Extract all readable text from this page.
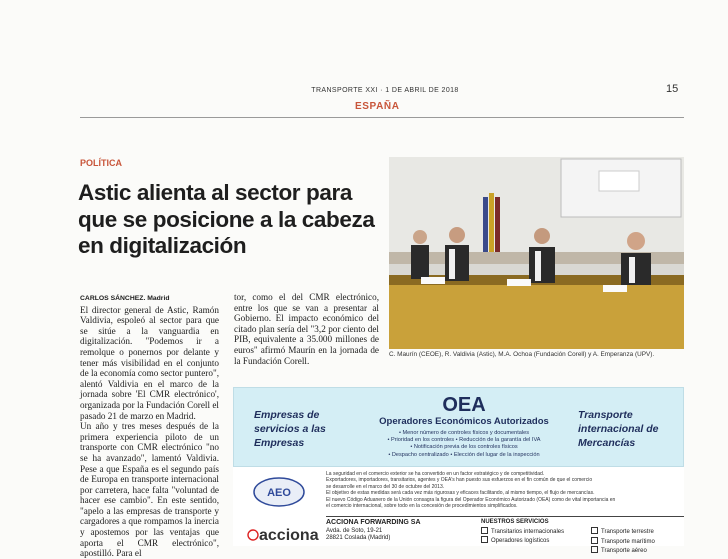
TRANSPORTE XXI · 1 DE ABRIL DE 2018	15
ESPAÑA
POLÍTICA
Astic alienta al sector para que se posicione a la cabeza en digitalización

CARLOS SÁNCHEZ. Madrid

El director general de Astic, Ramón Valdivia, espoleó al sector para que se sitúe a la vanguardia en digitalización. "Podemos ir a remolque o ponernos por delante y tener más visibilidad en el conjunto de la economía como sector puntero", alentó Valdivia en el marco de la jornada sobre 'El CMR electrónico', organizada por la Fundación Corell el pasado 21 de marzo en Madrid.

Un año y tres meses después de la primera experiencia piloto de un transporte con CMR electrónico "no se ha avanzado", lamentó Valdivia. Pese a que España es el segundo país de Europa en transporte internacional por carretera, hace falta "voluntad de hacer ese cambio". En este sentido, "apelo a las empresas de transporte y cargadores a que rompamos la inercia y apostemos por las ventajas que aporta el CMR electrónico", apostilló. Para el

tor, como el del CMR electrónico, entre los que se van a presentar al Gobierno. El impacto económico del citado plan sería del "3,2 por ciento del PIB, equivalente a 35.000 millones de euros" afirmó Maurín en la jornada de la Fundación Corell.

C. Maurín (CEOE), R. Valdivia (Astic), M.A. Ochoa (Fundación Corell) y A. Emperanza (UPV).
Empresas de servicios a las Empresas
OEA
Operadores Económicos Autorizados
• Menor número de controles físicos y documentales
• Prioridad en los controles • Reducción de la garantía del IVA
• Notificación previa de los controles físicos
• Despacho centralizado • Elección del lugar de la inspección
Transporte internacional de Mercancías
AEO
La seguridad en el comercio exterior se ha convertido en un factor estratégico y de competitividad.
Exportadores, importadores, transitarios, agentes y OEA's han puesto sus esfuerzos en el fin común de que el comercio
se desarrolle en el marco del 30 de octubre del 2013.
El objetivo de estas medidas será cada vez más rigurosas y eficaces facilitando, al mismo tiempo, el flujo de mercancías.
El nuevo Código Aduanero de la Unión consagra la figura del Operador Económico Autorizado (OEA) como de vital importancia en
el comercio internacional, sobre todo en la concesión de procedimientos simplificados.
acciona
ACCIONA FORWARDING SA
Avda. de Soto, 19-21
28821 Coslada (Madrid)
NUESTROS SERVICIOS
Transitarios internacionales
Operadores logísticos
Transporte terrestre
Transporte marítimo
Transporte aéreo
